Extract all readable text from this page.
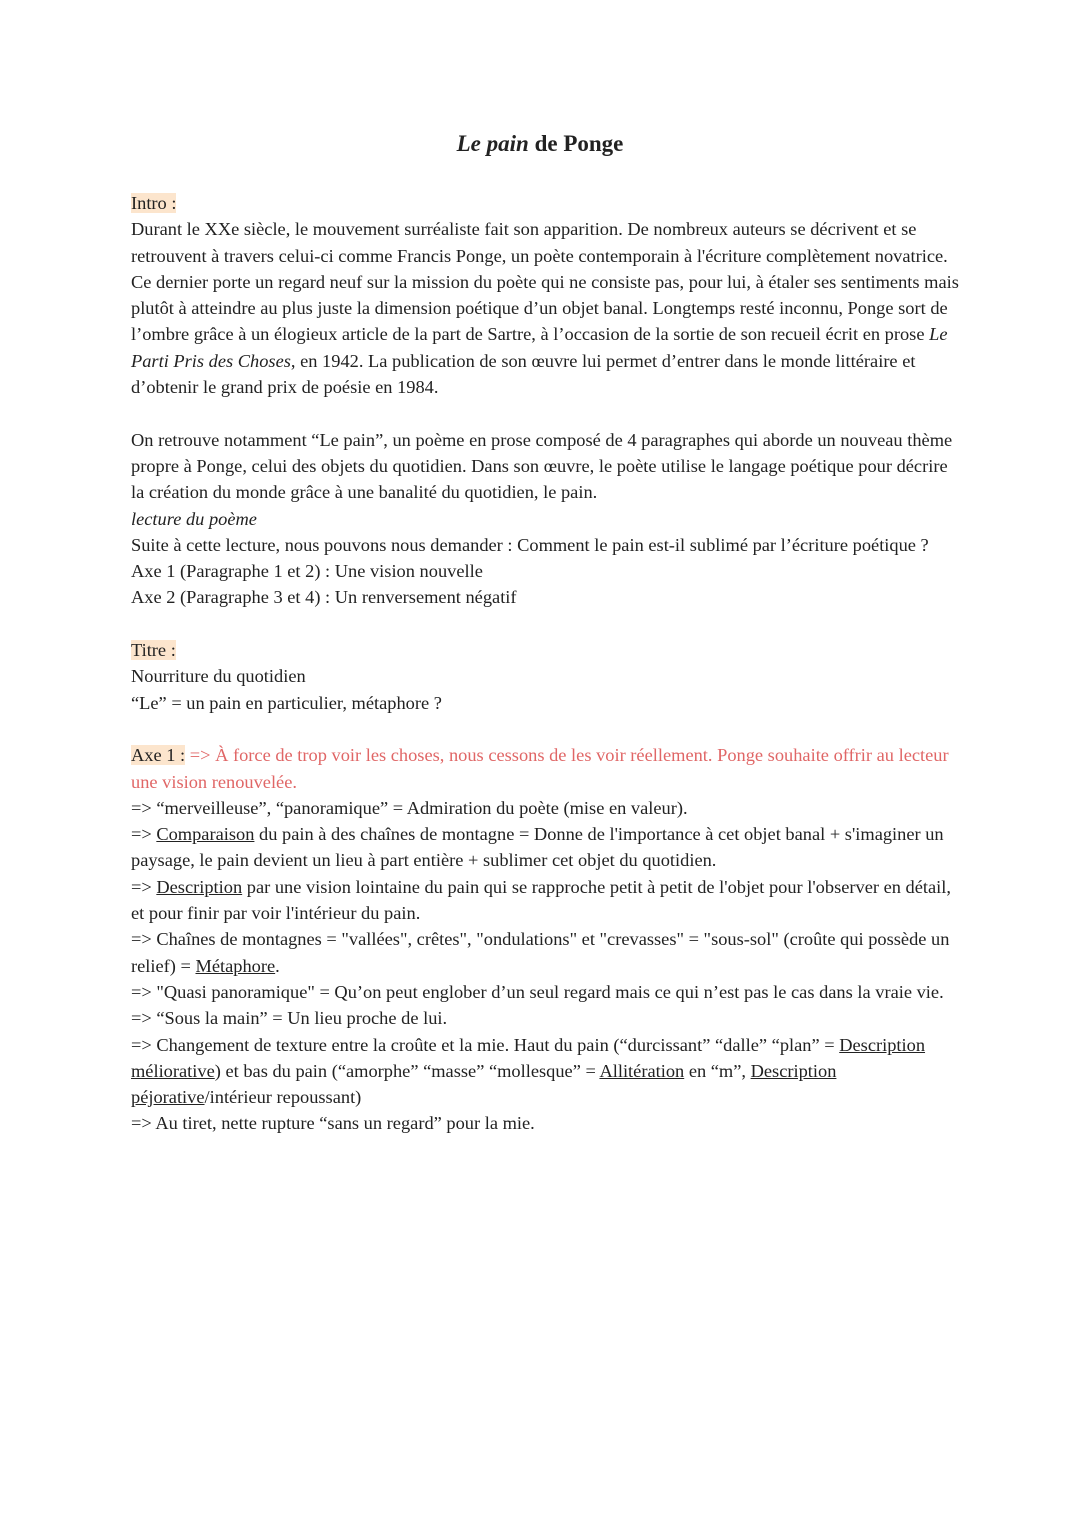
Le pain de Ponge

Intro :

Durant le XXe siècle, le mouvement surréaliste fait son apparition. De nombreux auteurs se décrivent et se retrouvent à travers celui-ci comme Francis Ponge, un poète contemporain à l'écriture complètement novatrice. Ce dernier porte un regard neuf sur la mission du poète qui ne consiste pas, pour lui, à étaler ses sentiments mais plutôt à atteindre au plus juste la dimension poétique d’un objet banal. Longtemps resté inconnu, Ponge sort de l’ombre grâce à un élogieux article de la part de Sartre, à l’occasion de la sortie de son recueil écrit en prose Le Parti Pris des Choses, en 1942. La publication de son œuvre lui permet d’entrer dans le monde littéraire et d’obtenir le grand prix de poésie en 1984.

On retrouve notamment “Le pain”, un poème en prose composé de 4 paragraphes qui aborde un nouveau thème propre à Ponge, celui des objets du quotidien. Dans son œuvre, le poète utilise le langage poétique pour décrire la création du monde grâce à une banalité du quotidien, le pain.

lecture du poème

Suite à cette lecture, nous pouvons nous demander : Comment le pain est-il sublimé par l’écriture poétique ?

Axe 1 (Paragraphe 1 et 2) : Une vision nouvelle

Axe 2 (Paragraphe 3 et 4) : Un renversement négatif

Titre :

Nourriture du quotidien

“Le” = un pain en particulier, métaphore ?

Axe 1 : => À force de trop voir les choses, nous cessons de les voir réellement. Ponge souhaite offrir au lecteur une vision renouvelée.

=> “merveilleuse”, “panoramique” = Admiration du poète (mise en valeur).

=> Comparaison du pain à des chaînes de montagne = Donne de l'importance à cet objet banal + s'imaginer un paysage, le pain devient un lieu à part entière + sublimer cet objet du quotidien.

=> Description par une vision lointaine du pain qui se rapproche petit à petit de l'objet pour l'observer en détail, et pour finir par voir l'intérieur du pain.

=> Chaînes de montagnes = "vallées", crêtes", "ondulations" et "crevasses" = "sous-sol" (croûte qui possède un relief) = Métaphore.

=> "Quasi panoramique" = Qu’on peut englober d’un seul regard mais ce qui n’est pas le cas dans la vraie vie.

=> “Sous la main” = Un lieu proche de lui.

=> Changement de texture entre la croûte et la mie. Haut du pain (“durcissant” “dalle” “plan” = Description méliorative) et bas du pain (“amorphe” “masse” “mollesque” = Allitération en “m”, Description péjorative/intérieur repoussant)

=> Au tiret, nette rupture “sans un regard” pour la mie.
